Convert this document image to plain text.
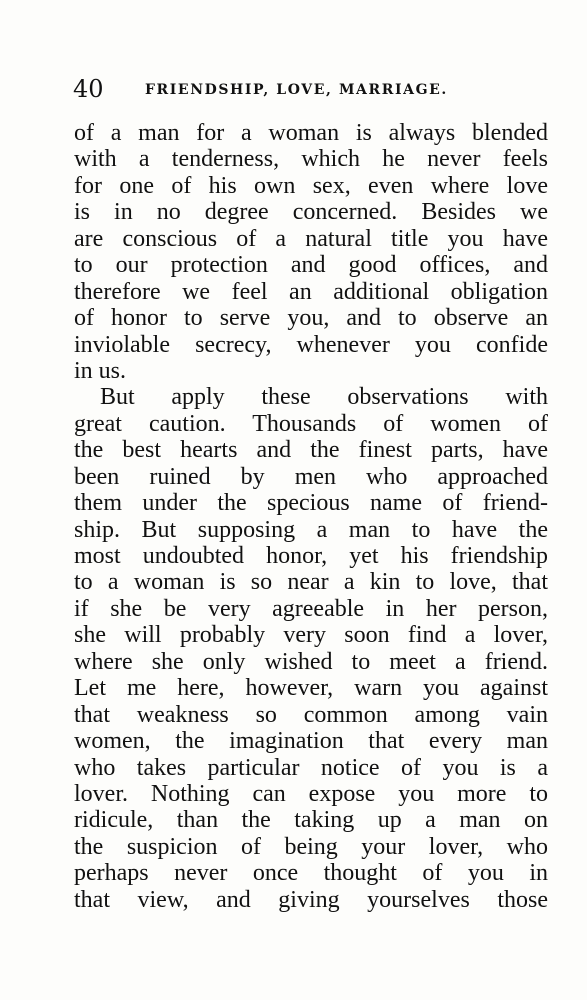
40	FRIENDSHIP, LOVE, MARRIAGE.
of a man for a woman is always blended
with a tenderness, which he never feels
for one of his own sex, even where love
is in no degree concerned. Besides we
are conscious of a natural title you have
to our protection and good offices, and
therefore we feel an additional obligation
of honor to serve you, and to observe an
inviolable secrecy, whenever you confide
in us.
But apply these observations with
great caution. Thousands of women of
the best hearts and the finest parts, have
been ruined by men who approached
them under the specious name of friend-
ship. But supposing a man to have the
most undoubted honor, yet his friendship
to a woman is so near a kin to love, that
if she be very agreeable in her person,
she will probably very soon find a lover,
where she only wished to meet a friend.
Let me here, however, warn you against
that weakness so common among vain
women, the imagination that every man
who takes particular notice of you is a
lover. Nothing can expose you more to
ridicule, than the taking up a man on
the suspicion of being your lover, who
perhaps never once thought of you in
that view, and giving yourselves those
